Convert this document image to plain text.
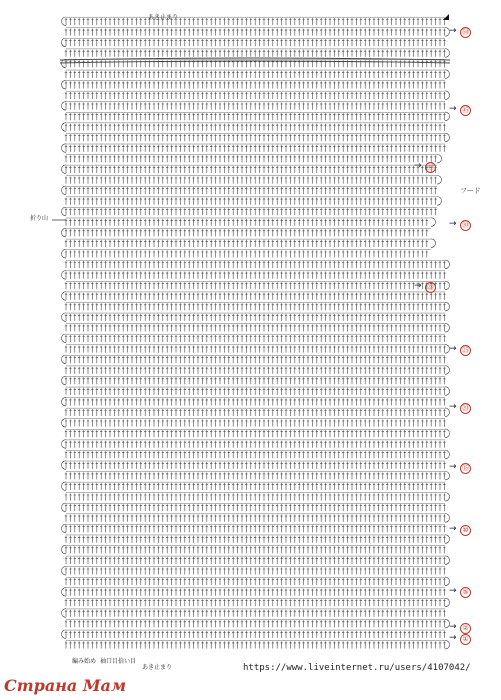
あき止まり
フード
折り山
編み始め 袖口目拾い目
あき止まり
··· ···· ···
→ ①
→ ②
→ ⑤
→ ⑩
→ ⑮
→ ⑳
→ ㉕
→ ㉘
→ ㉚
→ ㊵
→ ㊺
→ ㊿
https://www.liveinternet.ru/users/4107042/
Страна Мам
